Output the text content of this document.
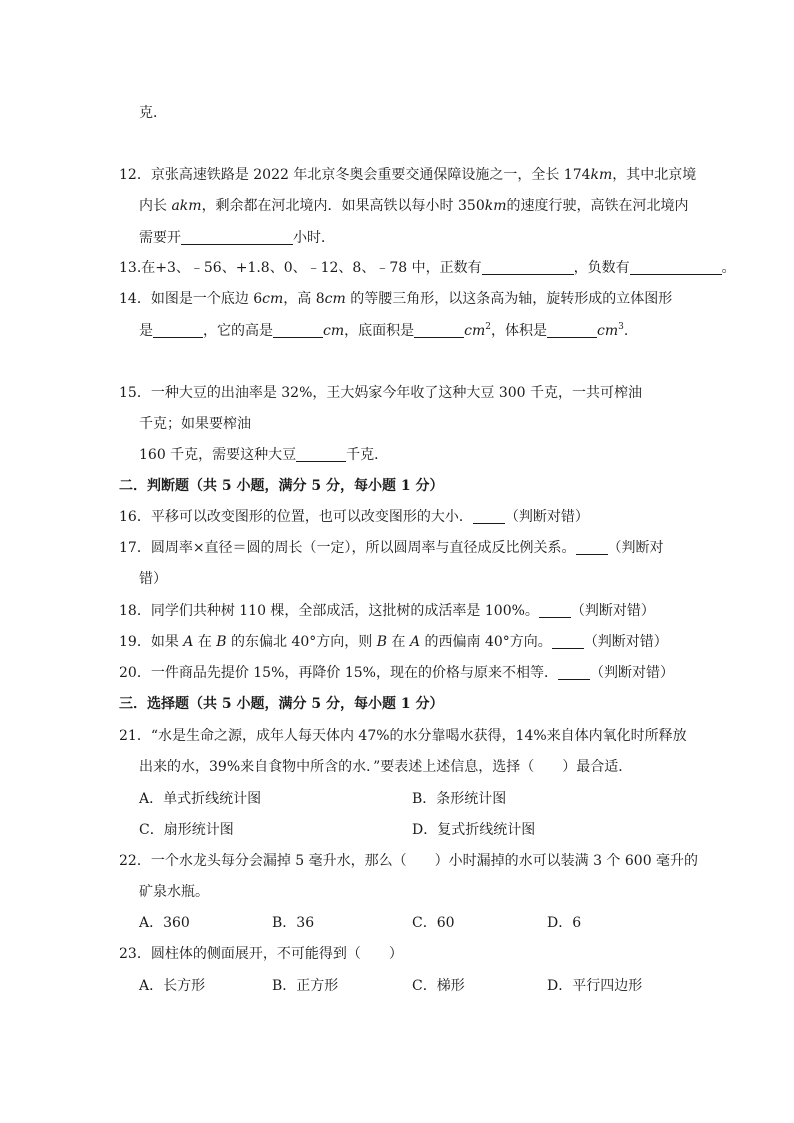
克．
12．京张高速铁路是 2022 年北京冬奥会重要交通保障设施之一，全长 174km，其中北京境
内长 akm，剩余都在河北境内．如果高铁以每小时 350km的速度行驶，高铁在河北境内
需要开	小时．
13.在+3、﹣56、+1.8、0、﹣12、8、﹣78 中，正数有	，负数有	。
14．如图是一个底边 6cm，高 8cm 的等腰三角形，以这条高为轴，旋转形成的立体图形
是	，它的高是	cm，底面积是	$cm^2$，体积是	$cm^3$.
15．一种大豆的出油率是 32%，王大妈家今年收了这种大豆 300 千克，一共可榨油
千克；如果要榨油
160 千克，需要这种大豆	千克．
二．判断题（共 5 小题，满分 5 分，每小题 1 分）
16．平移可以改变图形的位置，也可以改变图形的大小． （判断对错）
17．圆周率×直径＝圆的周长（一定），所以圆周率与直径成反比例关系。 （判断对
错）
18．同学们共种树 110 棵，全部成活，这批树的成活率是 100%。 （判断对错）
19．如果 A 在 B 的东偏北 40°方向，则 B 在 A 的西偏南 40°方向。 （判断对错）
20．一件商品先提价 15%，再降价 15%，现在的价格与原来不相等． （判断对错）
三．选择题（共 5 小题，满分 5 分，每小题 1 分）
21．“水是生命之源，成年人每天体内 47%的水分靠喝水获得，14%来自体内氧化时所释放
出来的水，39%来自食物中所含的水．”要表述上述信息，选择（　　）最合适．
A．单式折线统计图	B．条形统计图
C．扇形统计图	D．复式折线统计图
22．一个水龙头每分会漏掉 5 毫升水，那么（　　）小时漏掉的水可以装满 3 个 600 毫升的
矿泉水瓶。
A．360	B．36	C．60	D．6
23．圆柱体的侧面展开，不可能得到（　　）
A．长方形	B．正方形	C．梯形	D．平行四边形
